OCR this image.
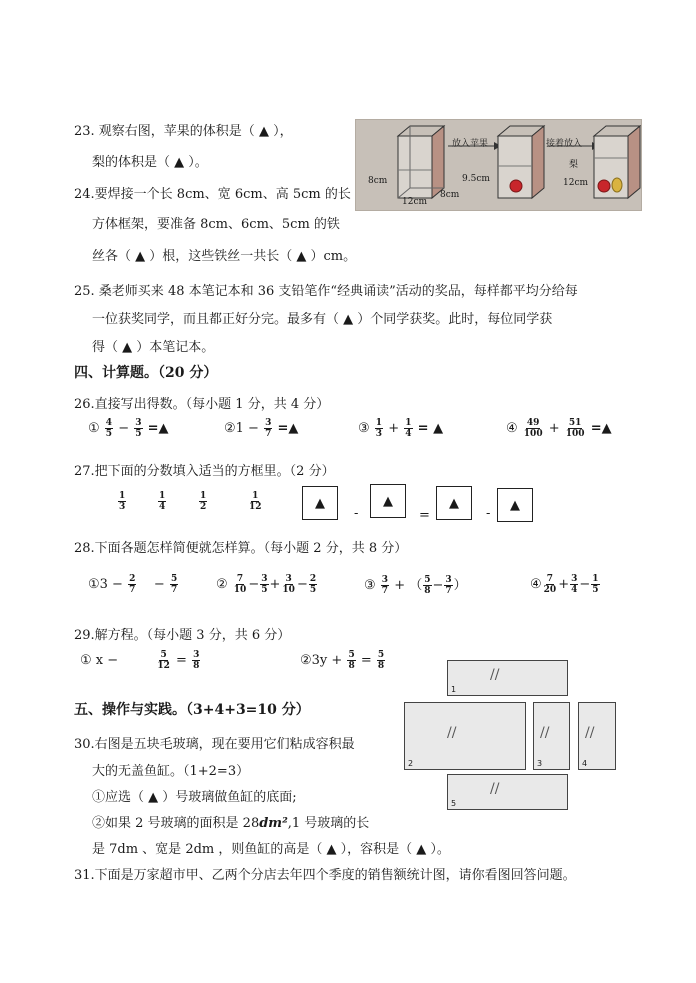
23. 观察右图，苹果的体积是（ ▲ ），
梨的体积是（ ▲ ）。
放入苹果	接着放入
梨
8cm
12cm
8cm
9.5cm	12cm
24.要焊接一个长 8cm、宽 6cm、高 5cm 的长
方体框架，要准备 8cm、6cm、5cm 的铁
丝各（ ▲ ）根，这些铁丝一共长（ ▲ ）cm。
25. 桑老师买来 48 本笔记本和 36 支铅笔作“经典诵读”活动的奖品，每样都平均分给每
一位获奖同学，而且都正好分完。最多有（ ▲ ）个同学获奖。此时，每位同学获
得（ ▲ ）本笔记本。
四、计算题。（20 分）
26.直接写出得数。（每小题 1 分，共 4 分）
① $\frac{4}{5} - \frac{3}{5}$ =▲	②1 − $\frac{3}{7}$ =▲	③ $\frac{1}{3} + \frac{1}{4}$ = ▲	④ $\frac{49}{100} + \frac{51}{100}$ =▲
27.把下面的分数填入适当的方框里。（2 分）
$\frac{1}{3}$	$\frac{1}{4}$	$\frac{1}{2}$	$\frac{1}{12}$	▲
-
▲
=
▲
-
▲
28.下面各题怎样简便就怎样算。（每小题 2 分，共 8 分）
①3 − $\frac{2}{7} - \frac{5}{7}$	② $\frac{7}{10} - \frac{3}{5} + \frac{3}{10} - \frac{2}{5}$	③ $\frac{3}{7}$ + （ $\frac{5}{8} - \frac{3}{7}$ ）	④ $\frac{7}{20} + \frac{3}{4} - \frac{1}{5}$
29.解方程。（每小题 3 分，共 6 分）
① x −	$\frac{5}{12} = \frac{3}{8}$	②3y + $\frac{5}{8} = \frac{5}{8}$
五、操作与实践。（3+4+3=10 分）
30.右图是五块毛玻璃，现在要用它们粘成容积最
大的无盖鱼缸。（1+2=3）
①应选（ ▲ ）号玻璃做鱼缸的底面;
②如果 2 号玻璃的面积是 28dm²,1 号玻璃的长
是 7dm 、宽是 2dm ，则鱼缸的高是（ ▲ ），容积是（ ▲ ）。
//
1
//
2
//
3
//
4
//
5
31.下面是万家超市甲、乙两个分店去年四个季度的销售额统计图，请你看图回答问题。
